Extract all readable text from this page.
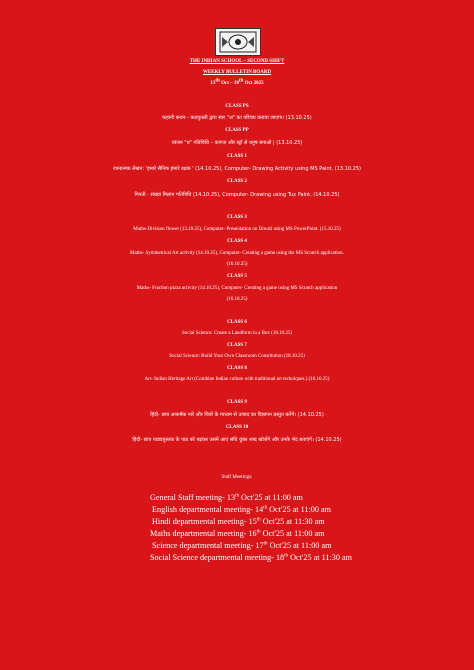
THE INDIAN SCHOOL – SECOND SHIFT
WEEKLY BULLETIN BOARD
13th Oct – 18th Oct 2025
CLASS PS
कहानी कथन - कठपुतली द्वारा स्वर "अ" का परिचय कराया जाएगा। (13.10.25)
CLASS PP
व्यंजन "ध" गतिविधि – कागज़ और स्ट्रॉ से धनुष बनाओ | (13.10.25)
CLASS 1
रचनात्मक लेखन: 'हमारे सैनिक हमारे रक्षक ' (14.10.25), Computer- Drawing Activity using MS Paint. (13.10.25)
CLASS 2
गिनती - संख्या मिलान गतिविधि (14.10.25), Computer- Drawing using Tux Paint. (14.10.25)
CLASS 3
Maths-Division flower (13.10.25), Computer- Presentation on Diwali using MS PowerPoint. (15.10.25)
CLASS 4
Maths- Symmetrical Art activity (14.10.25), Computer- Creating a game using the MS Scratch application.
(16.10.25)
CLASS 5
Maths- Fraction pizza activity (14.10.25), Computer- Creating a game using MS Scratch application
(16.10.25)
CLASS 6
Social Science: Create a Landform in a Box (18.10.25)
CLASS 7
Social Science: Build Your Own Classroom Constitution (18.10.25)
CLASS 8
Art- Indian Heritage Art (Combine Indian culture with traditional art techniques.) (16.10.25)
CLASS 9
हिंदी- छात्र आकर्षक नारे और चित्रों के माध्यम से उत्पाद का विज्ञापन प्रस्तुत करेंगे। (14.10.25)
CLASS 10
हिंदी- छात्र पाठ्यपुस्तक के पाठ को पढ़कर उसमें आए संधि युक्त शब्द खोजेंगे और उनके भेद बताएंगे। (14.10.25)
Staff Meetings:
General Staff meeting- 13th Oct'25 at 11:00 am
English departmental meeting- 14th Oct'25 at 11:00 am
Hindi departmental meeting- 15th Oct'25 at 11:30 am
Maths departmental meeting- 16th Oct'25 at 11:00 am
Science departmental meeting- 17th Oct'25 at 11:00 am
Social Science departmental meeting- 18th Oct'25 at 11:30 am
